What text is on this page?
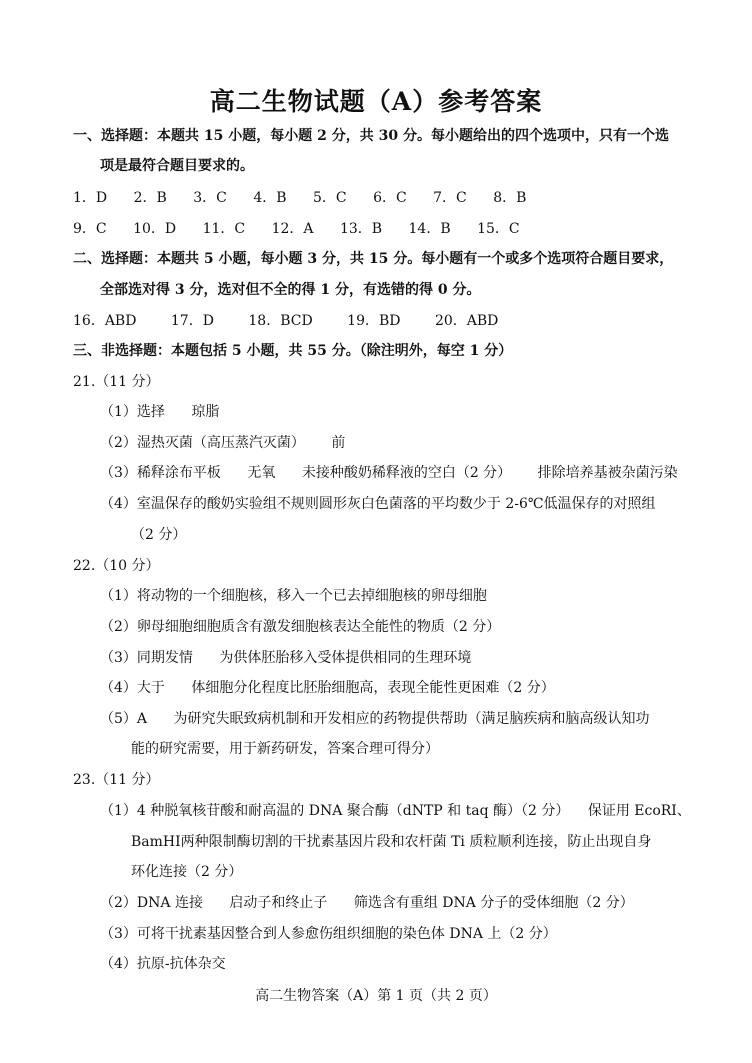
高二生物试题（A）参考答案
一、选择题：本题共 15 小题，每小题 2 分，共 30 分。每小题给出的四个选项中，只有一个选
项是最符合题目要求的。
1．D 2．B 3．C 4．B 5．C 6．C 7．C 8．B
9．C 10．D 11．C 12．A 13．B 14．B 15．C
二、选择题：本题共 5 小题，每小题 3 分，共 15 分。每小题有一个或多个选项符合题目要求，
全部选对得 3 分，选对但不全的得 1 分，有选错的得 0 分。
16．ABD 17．D 18．BCD 19．BD 20．ABD
三、非选择题：本题包括 5 小题，共 55 分。（除注明外，每空 1 分）
21.（11 分）
（1）选择 琼脂
（2）湿热灭菌（高压蒸汽灭菌） 前
（3）稀释涂布平板 无氧 未接种酸奶稀释液的空白（2 分） 排除培养基被杂菌污染
（4）室温保存的酸奶实验组不规则圆形灰白色菌落的平均数少于 2-6℃低温保存的对照组
（2 分）
22.（10 分）
（1）将动物的一个细胞核，移入一个已去掉细胞核的卵母细胞
（2）卵母细胞细胞质含有激发细胞核表达全能性的物质（2 分）
（3）同期发情 为供体胚胎移入受体提供相同的生理环境
（4）大于 体细胞分化程度比胚胎细胞高，表现全能性更困难（2 分）
（5）A 为研究失眠致病机制和开发相应的药物提供帮助（满足脑疾病和脑高级认知功
能的研究需要，用于新药研发，答案合理可得分）
23.（11 分）
（1）4 种脱氧核苷酸和耐高温的 DNA 聚合酶（dNTP 和 taq 酶）（2 分） 保证用 EcoRⅠ、
BamHⅠ两种限制酶切割的干扰素基因片段和农杆菌 Ti 质粒顺利连接，防止出现自身
环化连接（2 分）
（2）DNA 连接 启动子和终止子 筛选含有重组 DNA 分子的受体细胞（2 分）
（3）可将干扰素基因整合到人参愈伤组织细胞的染色体 DNA 上（2 分）
（4）抗原-抗体杂交
高二生物答案（A）第 1 页（共 2 页）
